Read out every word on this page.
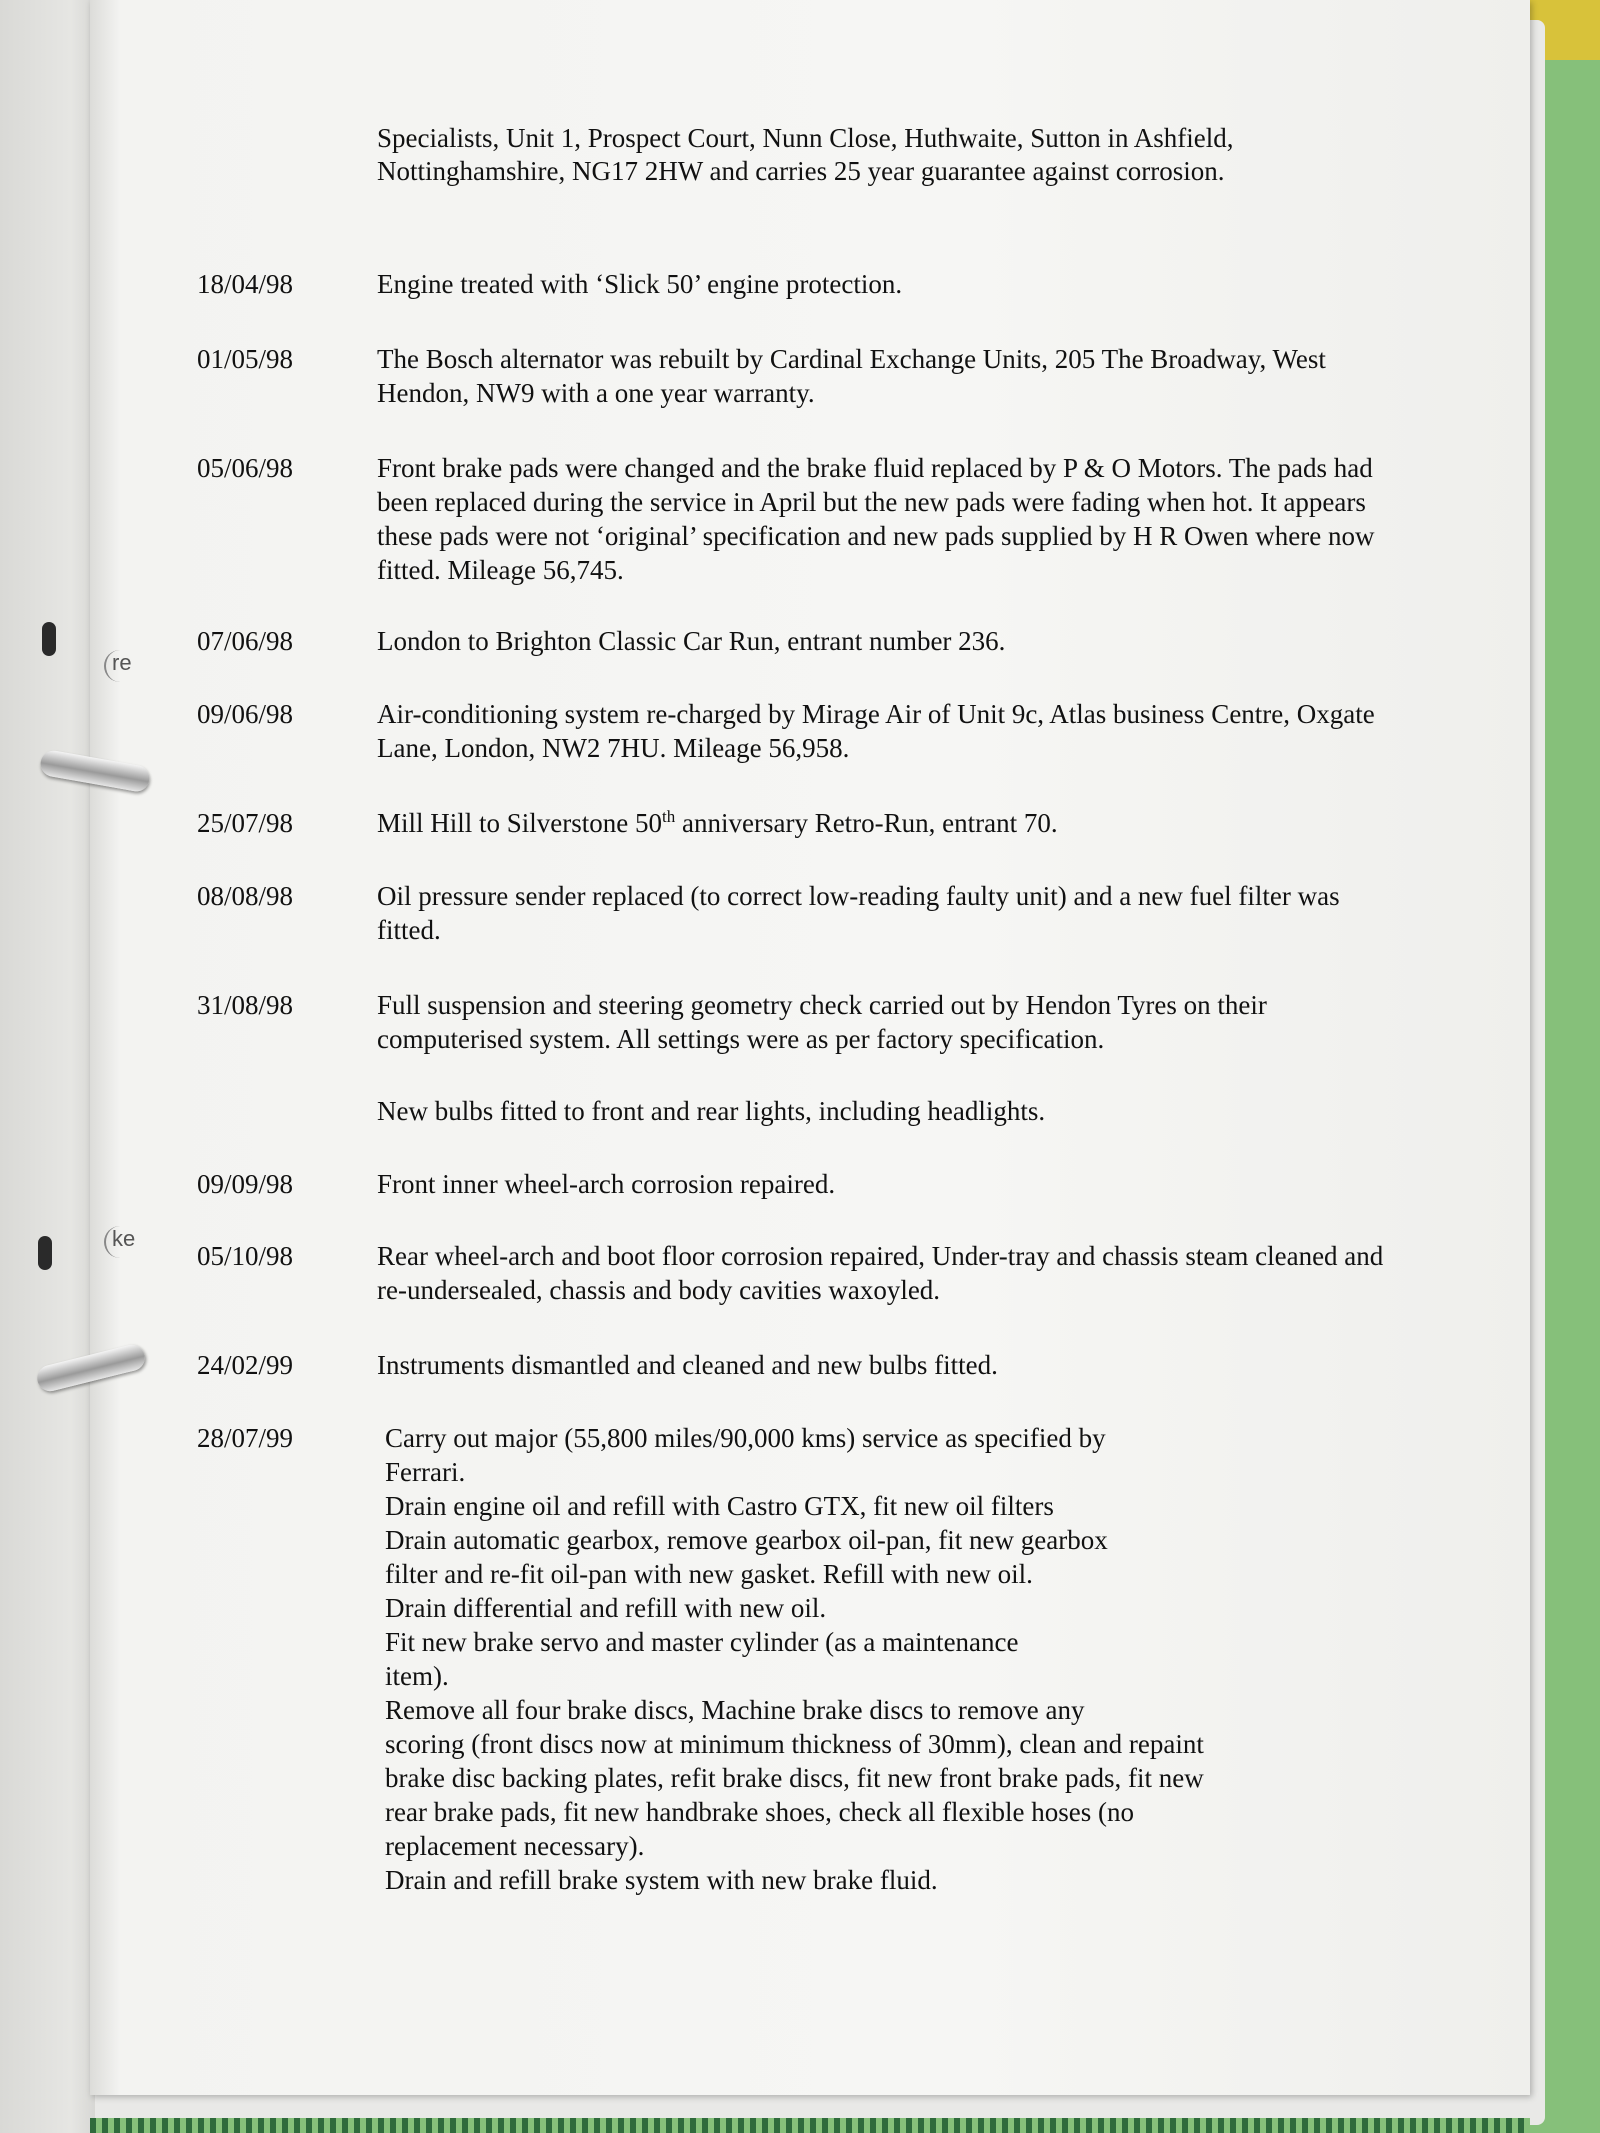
re
ke
Specialists, Unit 1, Prospect Court, Nunn Close, Huthwaite, Sutton in Ashfield, Nottinghamshire, NG17 2HW and carries 25 year guarantee against corrosion.
18/04/98	Engine treated with ‘Slick 50’ engine protection.
01/05/98	The Bosch alternator was rebuilt by Cardinal Exchange Units, 205 The Broadway, West Hendon, NW9 with a one year warranty.
05/06/98	Front brake pads were changed and the brake fluid replaced by P & O Motors. The pads had been replaced during the service in April but the new pads were fading when hot. It appears these pads were not ‘original’ specification and new pads supplied by H R Owen where now fitted. Mileage 56,745.
07/06/98	London to Brighton Classic Car Run, entrant number 236.
09/06/98	Air-conditioning system re-charged by Mirage Air of Unit 9c, Atlas business Centre, Oxgate Lane, London, NW2 7HU. Mileage 56,958.
25/07/98	Mill Hill to Silverstone 50th anniversary Retro-Run, entrant 70.
08/08/98	Oil pressure sender replaced (to correct low-reading faulty unit) and a new fuel filter was fitted.
31/08/98	Full suspension and steering geometry check carried out by Hendon Tyres on their computerised system. All settings were as per factory specification.
New bulbs fitted to front and rear lights, including headlights.
09/09/98	Front inner wheel-arch corrosion repaired.
05/10/98	Rear wheel-arch and boot floor corrosion repaired, Under-tray and chassis steam cleaned and re-undersealed, chassis and body cavities waxoyled.
24/02/99	Instruments dismantled and cleaned and new bulbs fitted.
28/07/99	Carry out major (55,800 miles/90,000 kms) service as specified by
Ferrari.
Drain engine oil and refill with Castro GTX, fit new oil filters
Drain automatic gearbox, remove gearbox oil-pan, fit new gearbox
filter and re-fit oil-pan with new gasket. Refill with new oil.
Drain differential and refill with new oil.
Fit new brake servo and master cylinder (as a maintenance
item).
Remove all four brake discs, Machine brake discs to remove any
scoring (front discs now at minimum thickness of 30mm), clean and repaint
brake disc backing plates, refit brake discs, fit new front brake pads, fit new
rear brake pads, fit new handbrake shoes, check all flexible hoses (no
replacement necessary).
Drain and refill brake system with new brake fluid.
